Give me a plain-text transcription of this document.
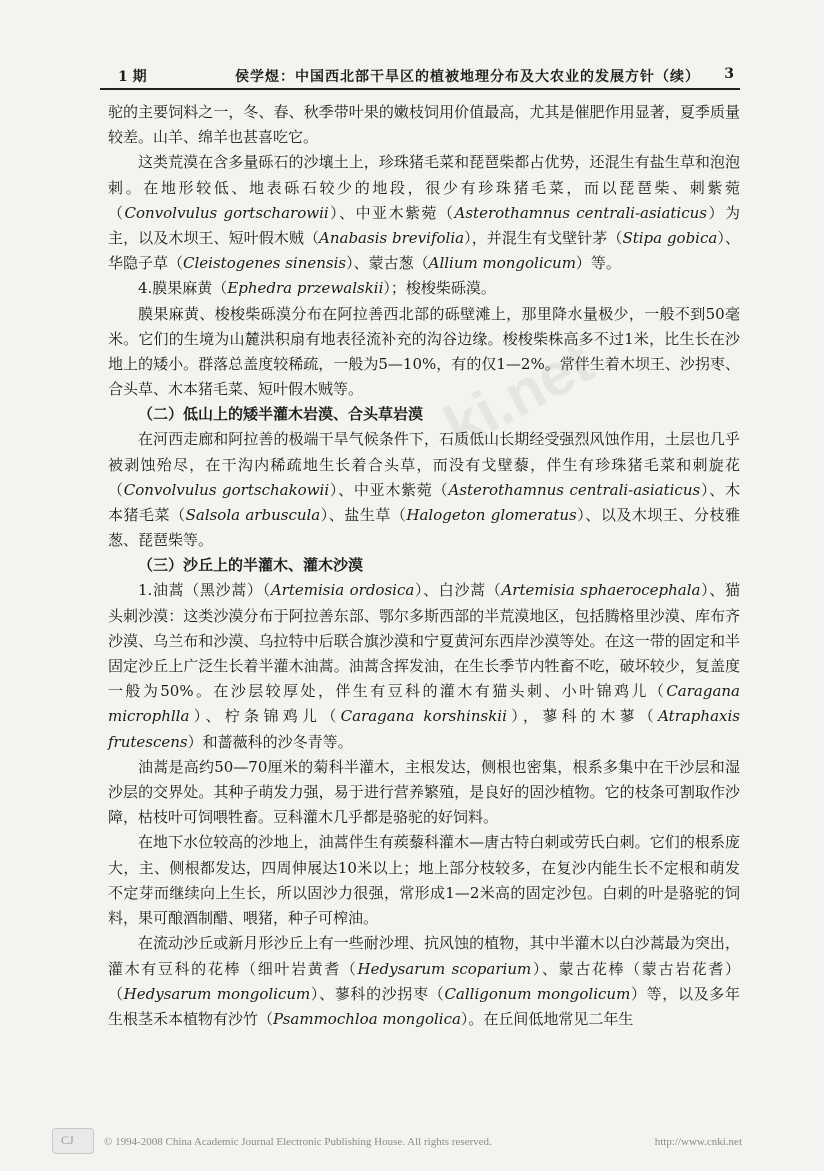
1 期	侯学煜：中国西北部干旱区的植被地理分布及大农业的发展方针（续） 3
ki.net

驼的主要饲料之一，冬、春、秋季带叶果的嫩枝饲用价值最高，尤其是催肥作用显著，夏季质量较差。山羊、绵羊也甚喜吃它。

这类荒漠在含多量砾石的沙壤土上，珍珠猪毛菜和琵琶柴都占优势，还混生有盐生草和泡泡刺。在地形较低、地表砾石较少的地段，很少有珍珠猪毛菜，而以琵琶柴、刺紫菀（Convolvulus gortscharowii）、中亚木紫菀（Asterothamnus centrali-asiaticus）为主，以及木坝王、短叶假木贼（Anabasis brevifolia），并混生有戈壁针茅（Stipa gobica）、华隐子草（Cleistogenes sinensis）、蒙古葱（Allium mongolicum）等。

4.膜果麻黄（Ephedra przewalskii）；梭梭柴砾漠。

膜果麻黄、梭梭柴砾漠分布在阿拉善西北部的砾壁滩上，那里降水量极少，一般不到50毫米。它们的生境为山麓洪积扇有地表径流补充的沟谷边缘。梭梭柴株高多不过1米，比生长在沙地上的矮小。群落总盖度较稀疏，一般为5—10%，有的仅1—2%。常伴生着木坝王、沙拐枣、合头草、木本猪毛菜、短叶假木贼等。

（二）低山上的矮半灌木岩漠、合头草岩漠

在河西走廊和阿拉善的极端干旱气候条件下，石质低山长期经受强烈风蚀作用，土层也几乎被剥蚀殆尽，在干沟内稀疏地生长着合头草，而没有戈壁藜，伴生有珍珠猪毛菜和刺旋花（Convolvulus gortschakowii）、中亚木紫菀（Asterothamnus centrali-asiaticus）、木本猪毛菜（Salsola arbuscula）、盐生草（Halogeton glomeratus）、以及木坝王、分枝雅葱、琵琶柴等。

（三）沙丘上的半灌木、灌木沙漠

1.油蒿（黑沙蒿）（Artemisia ordosica）、白沙蒿（Artemisia sphaerocephala）、猫头刺沙漠：这类沙漠分布于阿拉善东部、鄂尔多斯西部的半荒漠地区，包括腾格里沙漠、库布齐沙漠、乌兰布和沙漠、乌拉特中后联合旗沙漠和宁夏黄河东西岸沙漠等处。在这一带的固定和半固定沙丘上广泛生长着半灌木油蒿。油蒿含挥发油，在生长季节内牲畜不吃，破坏较少，复盖度一般为50%。在沙层较厚处，伴生有豆科的灌木有猫头刺、小叶锦鸡儿（Caragana microphlla）、柠条锦鸡儿（Caragana korshinskii），蓼科的木蓼（Atraphaxis frutescens）和蔷薇科的沙冬青等。

油蒿是高约50—70厘米的菊科半灌木，主根发达，侧根也密集，根系多集中在干沙层和湿沙层的交界处。其种子萌发力强，易于进行营养繁殖，是良好的固沙植物。它的枝条可割取作沙障，枯枝叶可饲喂牲畜。豆科灌木几乎都是骆驼的好饲料。

在地下水位较高的沙地上，油蒿伴生有蒺藜科灌木—唐古特白刺或劳氏白刺。它们的根系庞大，主、侧根都发达，四周伸展达10米以上；地上部分枝较多，在复沙内能生长不定根和萌发不定芽而继续向上生长，所以固沙力很强，常形成1—2米高的固定沙包。白刺的叶是骆驼的饲料，果可酿酒制醋、喂猪，种子可榨油。

在流动沙丘或新月形沙丘上有一些耐沙埋、抗风蚀的植物，其中半灌木以白沙蒿最为突出，灌木有豆科的花棒（细叶岩黄耆（Hedysarum scoparium）、蒙古花棒（蒙古岩花耆）（Hedysarum mongolicum）、蓼科的沙拐枣（Calligonum mongolicum）等，以及多年生根茎禾本植物有沙竹（Psammochloa mongolica）。在丘间低地常见二年生

CJ	© 1994-2008 China Academic Journal Electronic Publishing House. All rights reserved.	http://www.cnki.net
